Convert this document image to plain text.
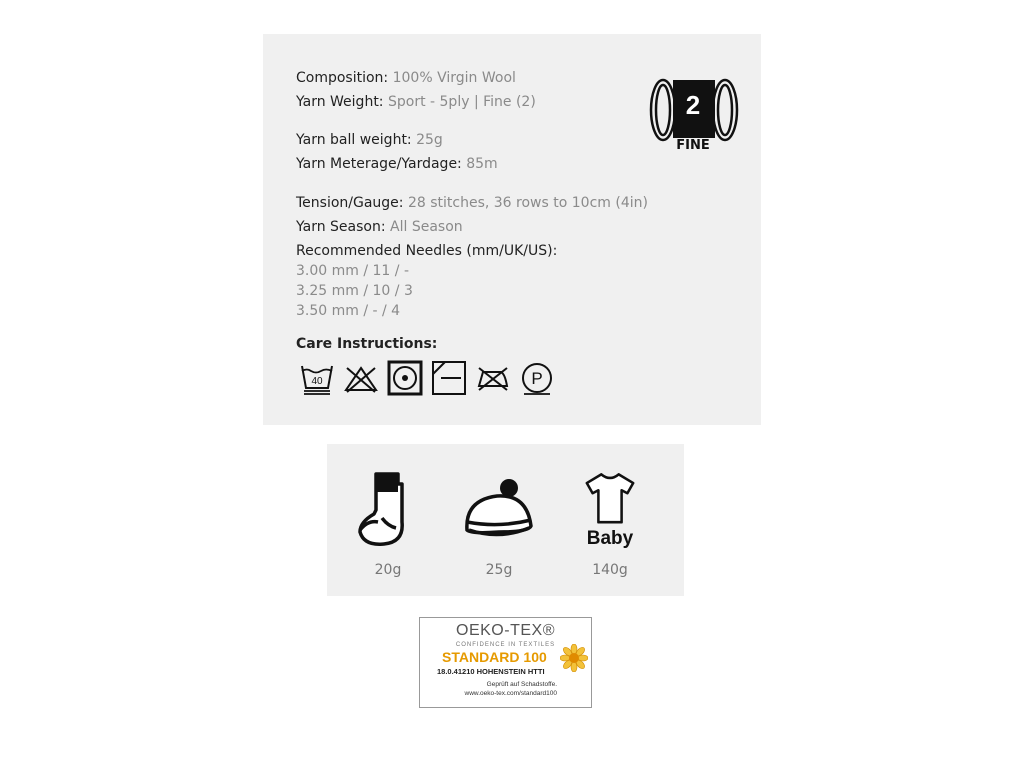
Composition: 100% Virgin Wool
Yarn Weight: Sport - 5ply | Fine (2)
Yarn ball weight: 25g
Yarn Meterage/Yardage: 85m
Tension/Gauge: 28 stitches, 36 rows to 10cm (4in)
Yarn Season: All Season
Recommended Needles (mm/UK/US):
3.00 mm / 11 / -
3.25 mm / 10 / 3
3.50 mm / - / 4
2
FINE
Care Instructions:
40	P
20g	25g
Baby
140g
OEKO-TEX®
CONFIDENCE IN TEXTILES
STANDARD 100
18.0.41210 HOHENSTEIN HTTI
Geprüft auf Schadstoffe.
www.oeko-tex.com/standard100
